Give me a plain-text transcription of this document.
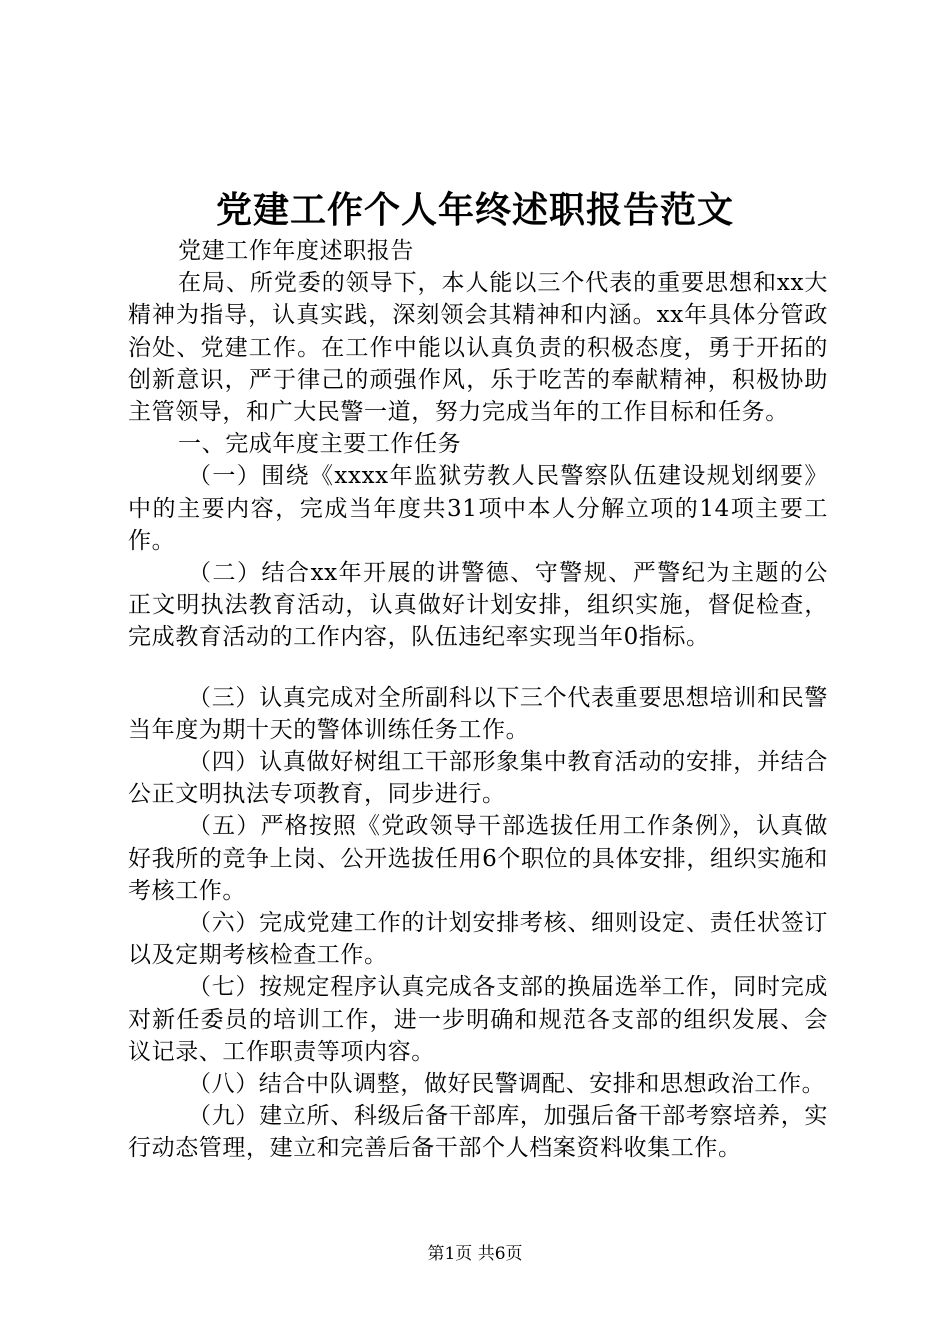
党建工作个人年终述职报告范文

党建工作年度述职报告

在局、所党委的领导下，本人能以三个代表的重要思想和xx大精神为指导，认真实践，深刻领会其精神和内涵。xx年具体分管政治处、党建工作。在工作中能以认真负责的积极态度，勇于开拓的创新意识，严于律己的顽强作风，乐于吃苦的奉献精神，积极协助主管领导，和广大民警一道，努力完成当年的工作目标和任务。

一、完成年度主要工作任务

（一）围绕《xxxx年监狱劳教人民警察队伍建设规划纲要》中的主要内容，完成当年度共31项中本人分解立项的14项主要工作。

（二）结合xx年开展的讲警德、守警规、严警纪为主题的公正文明执法教育活动，认真做好计划安排，组织实施，督促检查，完成教育活动的工作内容，队伍违纪率实现当年0指标。

（三）认真完成对全所副科以下三个代表重要思想培训和民警当年度为期十天的警体训练任务工作。

（四）认真做好树组工干部形象集中教育活动的安排，并结合公正文明执法专项教育，同步进行。

（五）严格按照《党政领导干部选拔任用工作条例》，认真做好我所的竞争上岗、公开选拔任用6个职位的具体安排，组织实施和考核工作。

（六）完成党建工作的计划安排考核、细则设定、责任状签订以及定期考核检查工作。

（七）按规定程序认真完成各支部的换届选举工作，同时完成对新任委员的培训工作，进一步明确和规范各支部的组织发展、会议记录、工作职责等项内容。

（八）结合中队调整，做好民警调配、安排和思想政治工作。

（九）建立所、科级后备干部库，加强后备干部考察培养，实行动态管理，建立和完善后备干部个人档案资料收集工作。

第1页 共6页
